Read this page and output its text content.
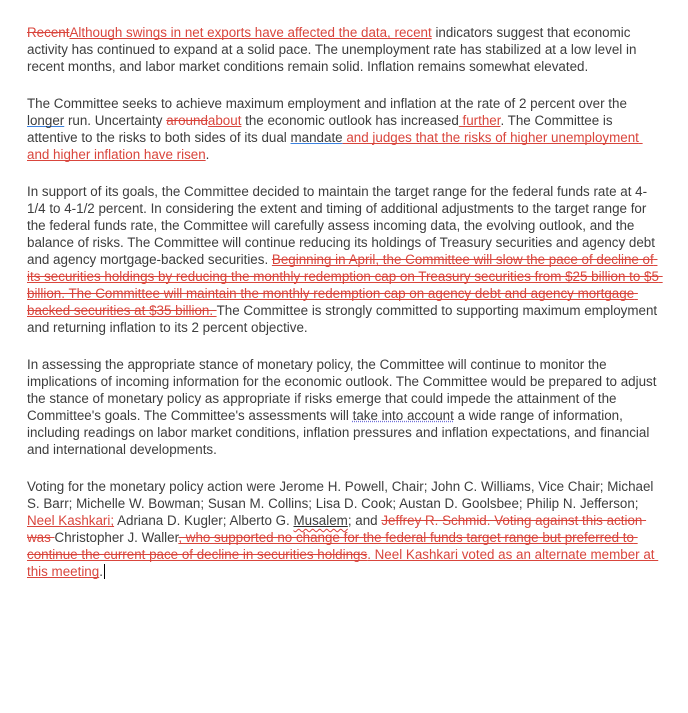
RecentAlthough swings in net exports have affected the data, recent indicators suggest that economic activity has continued to expand at a solid pace. The unemployment rate has stabilized at a low level in recent months, and labor market conditions remain solid. Inflation remains somewhat elevated.

The Committee seeks to achieve maximum employment and inflation at the rate of 2 percent over the longer run. Uncertainty aroundabout the economic outlook has increased further. The Committee is attentive to the risks to both sides of its dual mandate and judges that the risks of higher unemployment and higher inflation have risen.

In support of its goals, the Committee decided to maintain the target range for the federal funds rate at 4-1/4 to 4-1/2 percent. In considering the extent and timing of additional adjustments to the target range for the federal funds rate, the Committee will carefully assess incoming data, the evolving outlook, and the balance of risks. The Committee will continue reducing its holdings of Treasury securities and agency debt and agency mortgage-backed securities. Beginning in April, the Committee will slow the pace of decline of its securities holdings by reducing the monthly redemption cap on Treasury securities from $25 billion to $5 billion. The Committee will maintain the monthly redemption cap on agency debt and agency mortgage backed securities at $35 billion. The Committee is strongly committed to supporting maximum employment and returning inflation to its 2 percent objective.

In assessing the appropriate stance of monetary policy, the Committee will continue to monitor the implications of incoming information for the economic outlook. The Committee would be prepared to adjust the stance of monetary policy as appropriate if risks emerge that could impede the attainment of the Committee's goals. The Committee's assessments will take into account a wide range of information, including readings on labor market conditions, inflation pressures and inflation expectations, and financial and international developments.

Voting for the monetary policy action were Jerome H. Powell, Chair; John C. Williams, Vice Chair; Michael S. Barr; Michelle W. Bowman; Susan M. Collins; Lisa D. Cook; Austan D. Goolsbee; Philip N. Jefferson; Neel Kashkari; Adriana D. Kugler; Alberto G. Musalem; and Jeffrey R. Schmid. Voting against this action was Christopher J. Waller, who supported no change for the federal funds target range but preferred to continue the current pace of decline in securities holdings. Neel Kashkari voted as an alternate member at this meeting.
